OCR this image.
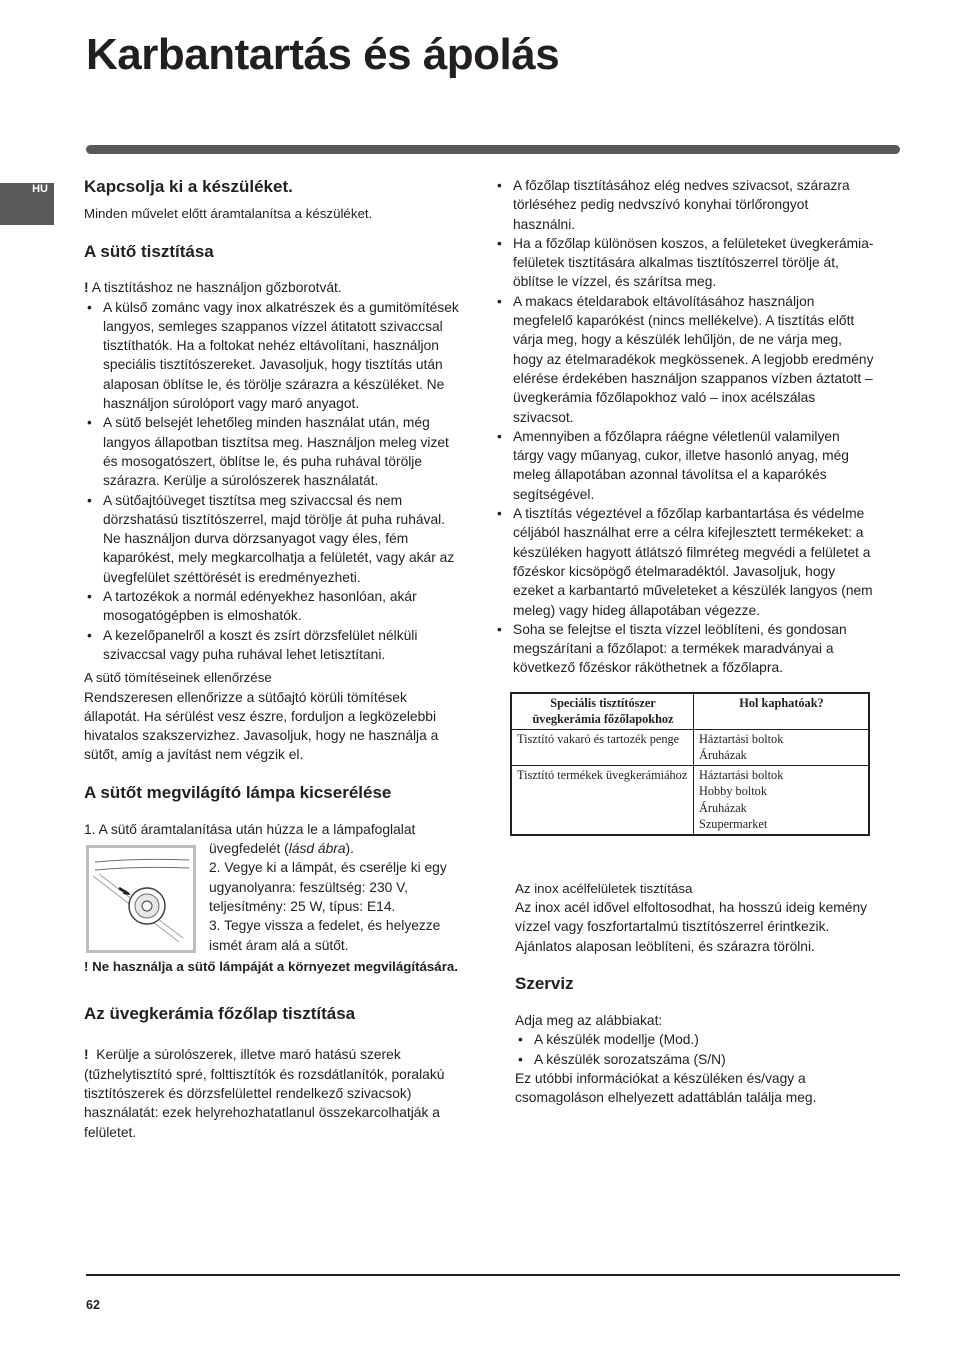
Karbantartás és ápolás
HU	Kapcsolja ki a készüléket.

Minden művelet előtt áramtalanítsa a készüléket.

A sütő tisztítása

! A tisztításhoz ne használjon gőzborotvát.

• A külső zománc vagy inox alkatrészek és a gumitömítések langyos, semleges szappanos vízzel átitatott szivaccsal tisztíthatók. Ha a foltokat nehéz eltávolítani, használjon speciális tisztítószereket. Javasoljuk, hogy tisztítás után alaposan öblítse le, és törölje szárazra a készüléket. Ne használjon súrolóport vagy maró anyagot.
• A sütő belsejét lehetőleg minden használat után, még langyos állapotban tisztítsa meg. Használjon meleg vizet és mosogatószert, öblítse le, és puha ruhával törölje szárazra. Kerülje a súrolószerek használatát.
• A sütőajtóüveget tisztítsa meg szivaccsal és nem dörzshatású tisztítószerrel, majd törölje át puha ruhával. Ne használjon durva dörzsanyagot vagy éles, fém kaparókést, mely megkarcolhatja a felületét, vagy akár az üvegfelület széttörését is eredményezheti.
• A tartozékok a normál edényekhez hasonlóan, akár mosogatógépben is elmoshatók.
• A kezelőpanelről a koszt és zsírt dörzsfelület nélküli szivaccsal vagy puha ruhával lehet letisztítani.

A sütő tömítéseinek ellenőrzése

Rendszeresen ellenőrizze a sütőajtó körüli tömítések állapotát. Ha sérülést vesz észre, forduljon a legközelebbi hivatalos szakszervizhez. Javasoljuk, hogy ne használja a sütőt, amíg a javítást nem végzik el.

A sütőt megvilágító lámpa kicserélése

1. A sütő áramtalanítása után húzza le a lámpafoglalat

üvegfedelét (lásd ábra).

2. Vegye ki a lámpát, és cserélje ki egy ugyanolyanra: feszültség: 230 V, teljesítmény: 25 W, típus: E14.

3. Tegye vissza a fedelet, és helyezze ismét áram alá a sütőt.

! Ne használja a sütő lámpáját a környezet megvilágítására.

Az üvegkerámia főzőlap tisztítása

! Kerülje a súrolószerek, illetve maró hatású szerek (tűzhelytisztító spré, folttisztítók és rozsdátlanítók, poralakú tisztítószerek és dörzsfelülettel rendelkező szivacsok) használatát: ezek helyrehozhatatlanul összekarcolhatják a felületet.

• A főzőlap tisztításához elég nedves szivacsot, szárazra törléséhez pedig nedvszívó konyhai törlőrongyot használni.
• Ha a főzőlap különösen koszos, a felületeket üvegkerámia-felületek tisztítására alkalmas tisztítószerrel törölje át, öblítse le vízzel, és szárítsa meg.
• A makacs ételdarabok eltávolításához használjon megfelelő kaparókést (nincs mellékelve). A tisztítás előtt várja meg, hogy a készülék lehűljön, de ne várja meg, hogy az ételmaradékok megkössenek. A legjobb eredmény elérése érdekében használjon szappanos vízben áztatott – üvegkerámia főzőlapokhoz való – inox acélszálas szivacsot.
• Amennyiben a főzőlapra ráégne véletlenül valamilyen tárgy vagy műanyag, cukor, illetve hasonló anyag, még meleg állapotában azonnal távolítsa el a kaparókés segítségével.
• A tisztítás végeztével a főzőlap karbantartása és védelme céljából használhat erre a célra kifejlesztett termékeket: a készüléken hagyott átlátszó filmréteg megvédi a felületet a főzéskor kicsöpögő ételmaradéktól. Javasoljuk, hogy ezeket a karbantartó műveleteket a készülék langyos (nem meleg) vagy hideg állapotában végezze.
• Soha se felejtse el tiszta vízzel leöblíteni, és gondosan megszárítani a főzőlapot: a termékek maradványai a következő főzéskor ráköthetnek a főzőlapra.
Speciális tisztítószer üvegkerámia főzőlapokhoz	Hol kaphatóak?
Tisztító vakaró és tartozék penge	Háztartási boltok
Áruházak

Tisztító termékek üvegkerámiához	Háztartási boltok
Hobby boltok
Áruházak
Szupermarket

Az inox acélfelületek tisztítása

Az inox acél idővel elfoltosodhat, ha hosszú ideig kemény vízzel vagy foszfortartalmú tisztítószerrel érintkezik. Ajánlatos alaposan leöblíteni, és szárazra törölni.

Szerviz

Adja meg az alábbiakat:

• A készülék modellje (Mod.)
• A készülék sorozatszáma (S/N)

Ez utóbbi információkat a készüléken és/vagy a csomagoláson elhelyezett adattáblán találja meg.

62
